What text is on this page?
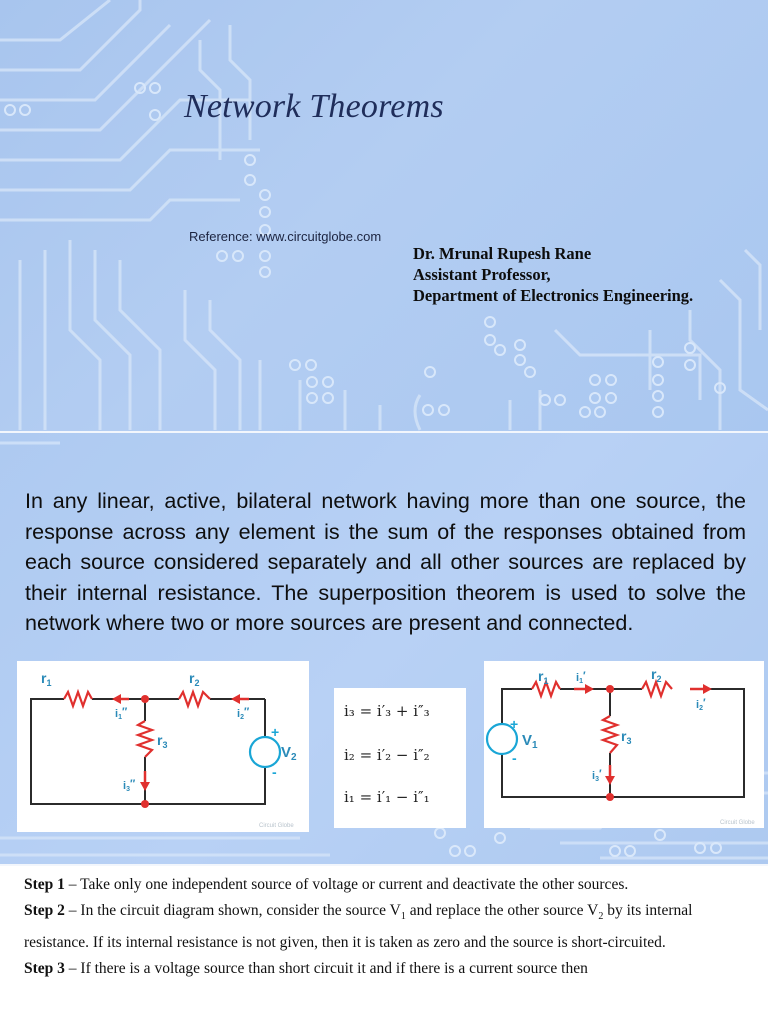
Network Theorems
Reference: www.circuitglobe.com
Dr. Mrunal Rupesh Rane
Assistant Professor,
Department of Electronics Engineering.
In any linear, active, bilateral network having more than one source, the response across any element is the sum of the responses obtained from each source considered separately and all other sources are replaced by their internal resistance. The superposition theorem is used to solve the network where two or more sources are present and connected.
$r_1$	$r_2$
$r_3$
i1″	i2″
i3″
$V_2$
+
-
Circuit Globe
i₃ = i′₃ + i″₃
i₂ = i′₂ − i″₂
i₁ = i′₁ − i″₁
$r_1$	$r_2$
$r_3$
i1′
i2′
i3′
$V_1$
+
-
Circuit Globe

Step 1 – Take only one independent source of voltage or current and deactivate the other sources.

Step 2 – In the circuit diagram shown, consider the source $V_1$ and replace the other source $V_2$ by its internal resistance. If its internal resistance is not given, then it is taken as zero and the source is short-circuited.

Step 3 – If there is a voltage source than short circuit it and if there is a current source then
